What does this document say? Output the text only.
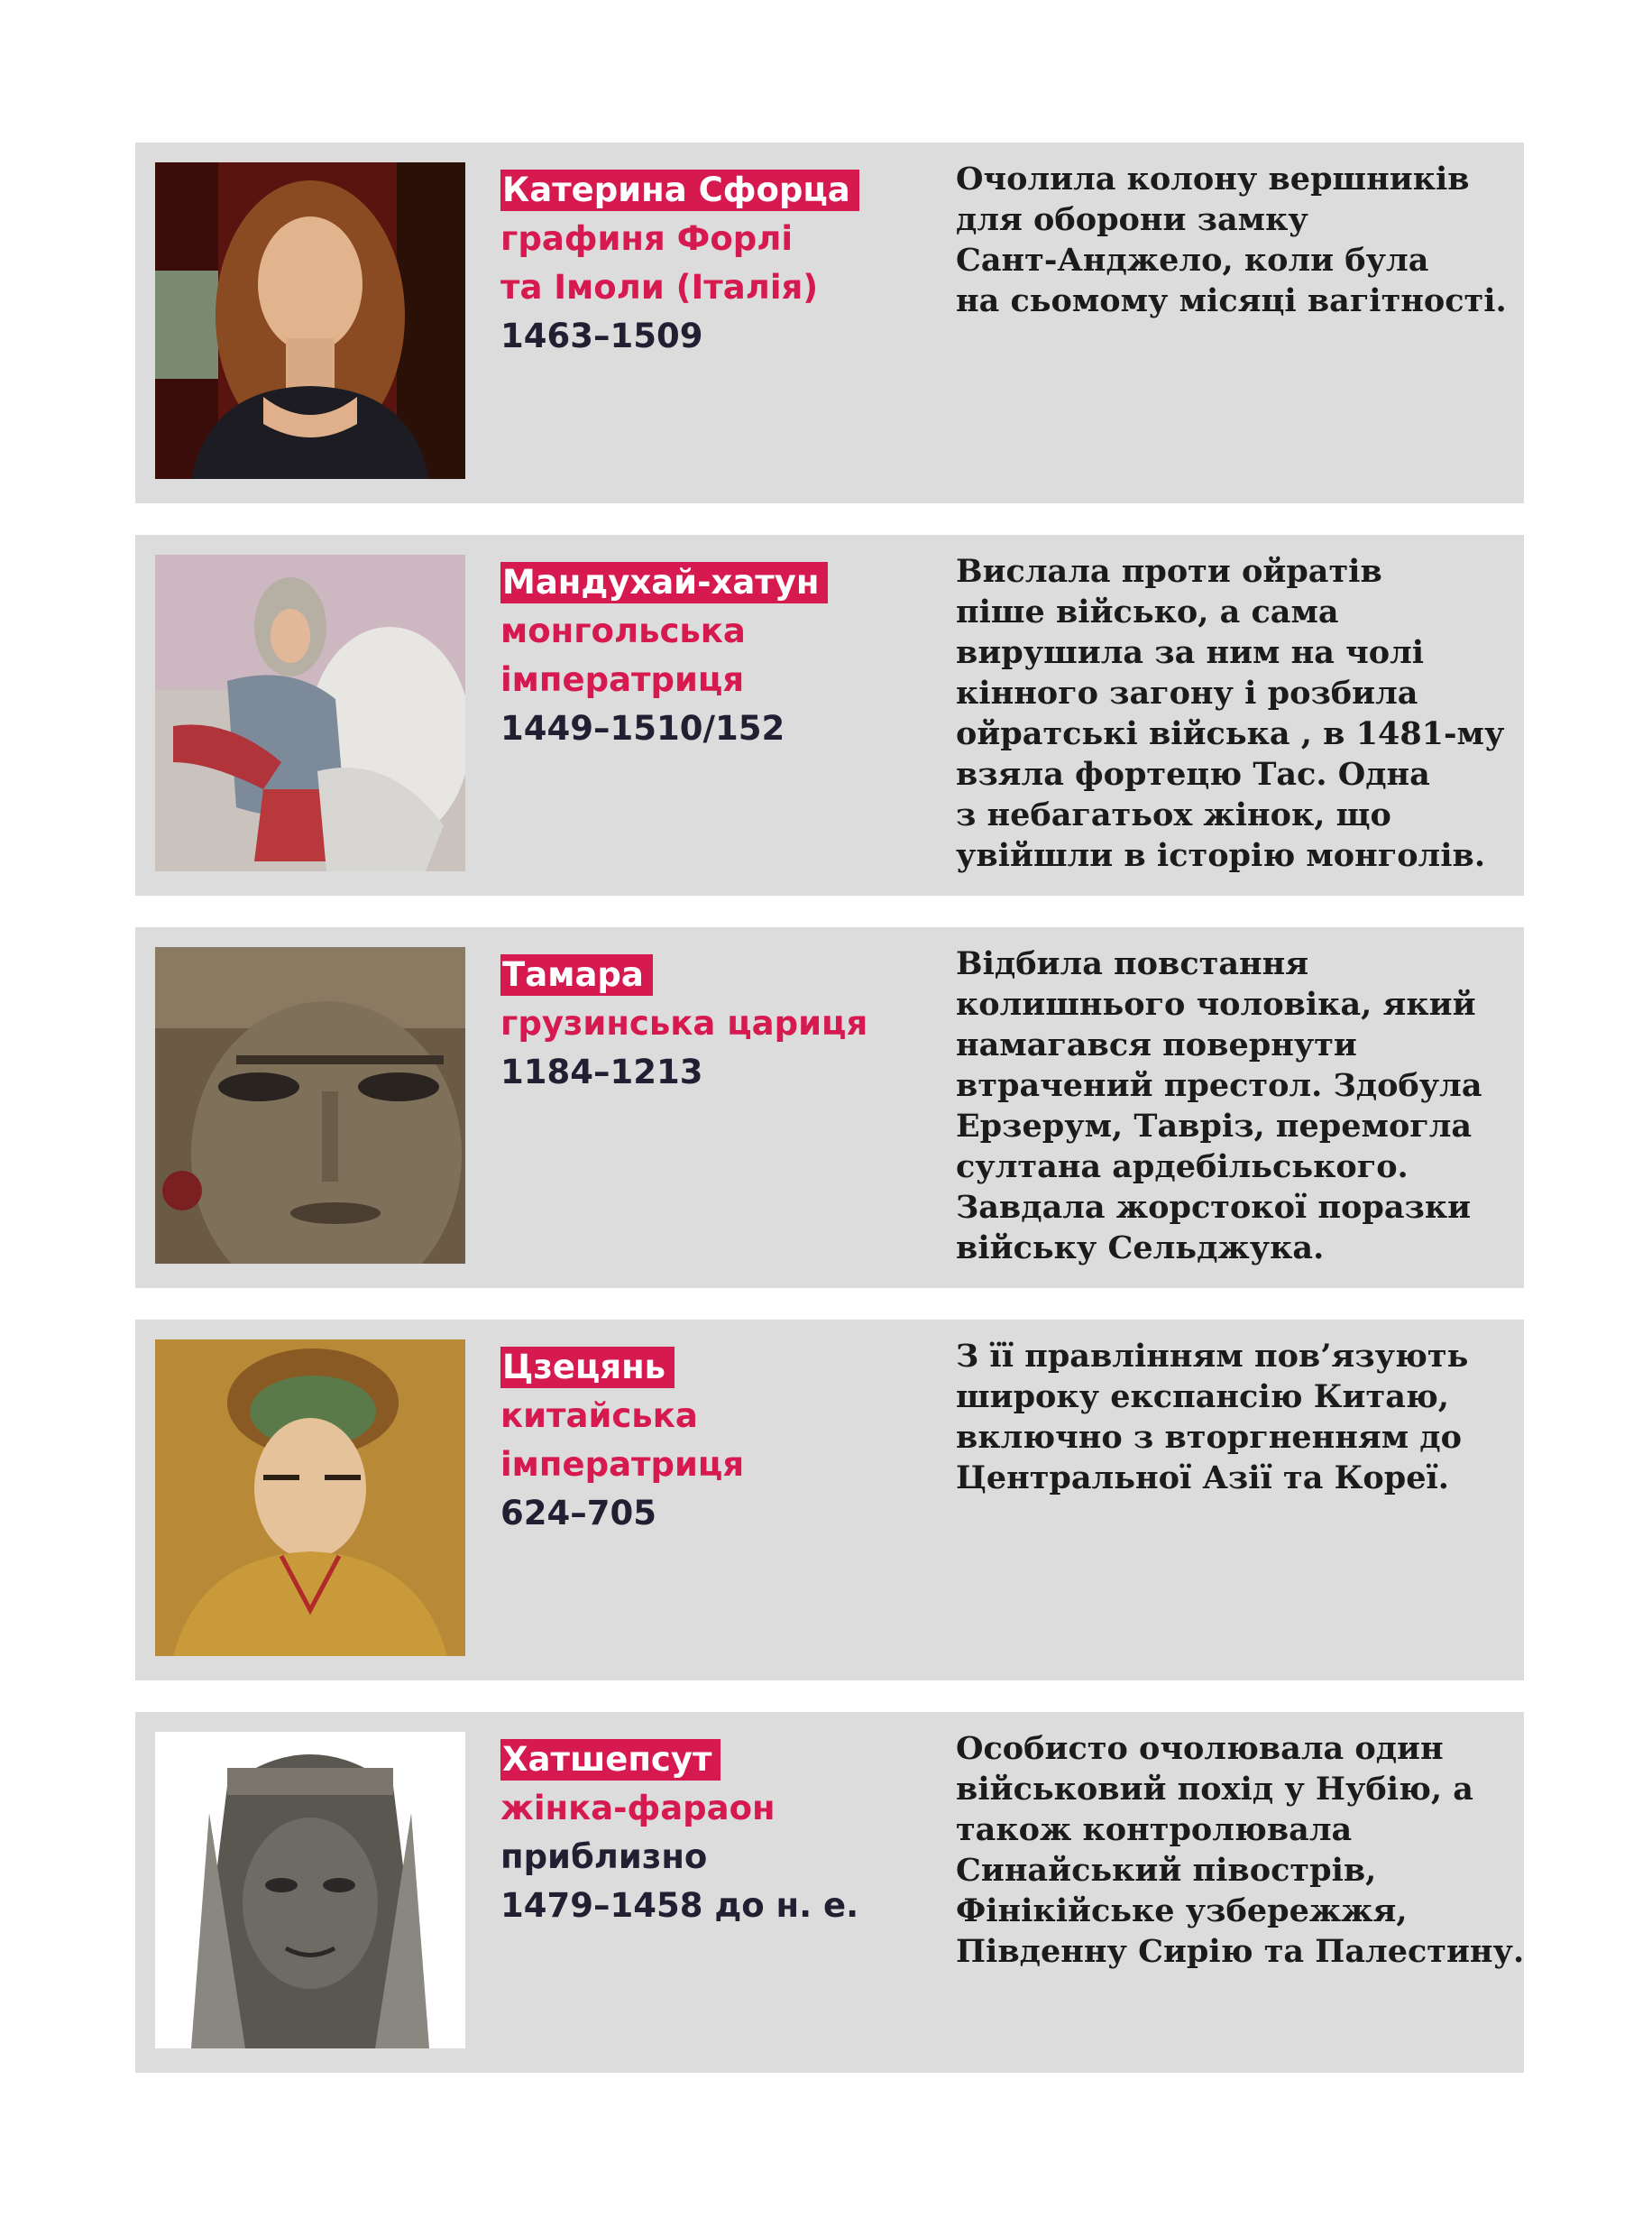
Катерина Сфорца
графиня Форлі
та Імоли (Італія)
1463–1509
Очолила колону вершників
для оборони замку
Сант-Анджело, коли була
на сьомому місяці вагітності.
Мандухай-хатун
монгольська
імператриця
1449–1510/152
Вислала проти ойратів
піше військо, а сама
вирушила за ним на чолі
кінного загону і розбила
ойратські війська , в 1481-му
взяла фортецю Тас. Одна
з небагатьох жінок, що
увійшли в історію монголів.
Тамара
грузинська цариця
1184–1213
Відбила повстання
колишнього чоловіка, який
намагався повернути
втрачений престол. Здобула
Ерзерум, Тавріз, перемогла
султана ардебільського.
Завдала жорстокої поразки
війську Сельджука.
Цзецянь
китайська
імператриця
624–705
З її правлінням пов’язують
широку експансію Китаю,
включно з вторгненням до
Центральної Азії та Кореї.
Хатшепсут
жінка-фараон
приблизно
1479–1458 до н. е.
Особисто очолювала один
військовий похід у Нубію, а
також контролювала
Синайський півострів,
Фінікійське узбережжя,
Південну Сирію та Палестину.
